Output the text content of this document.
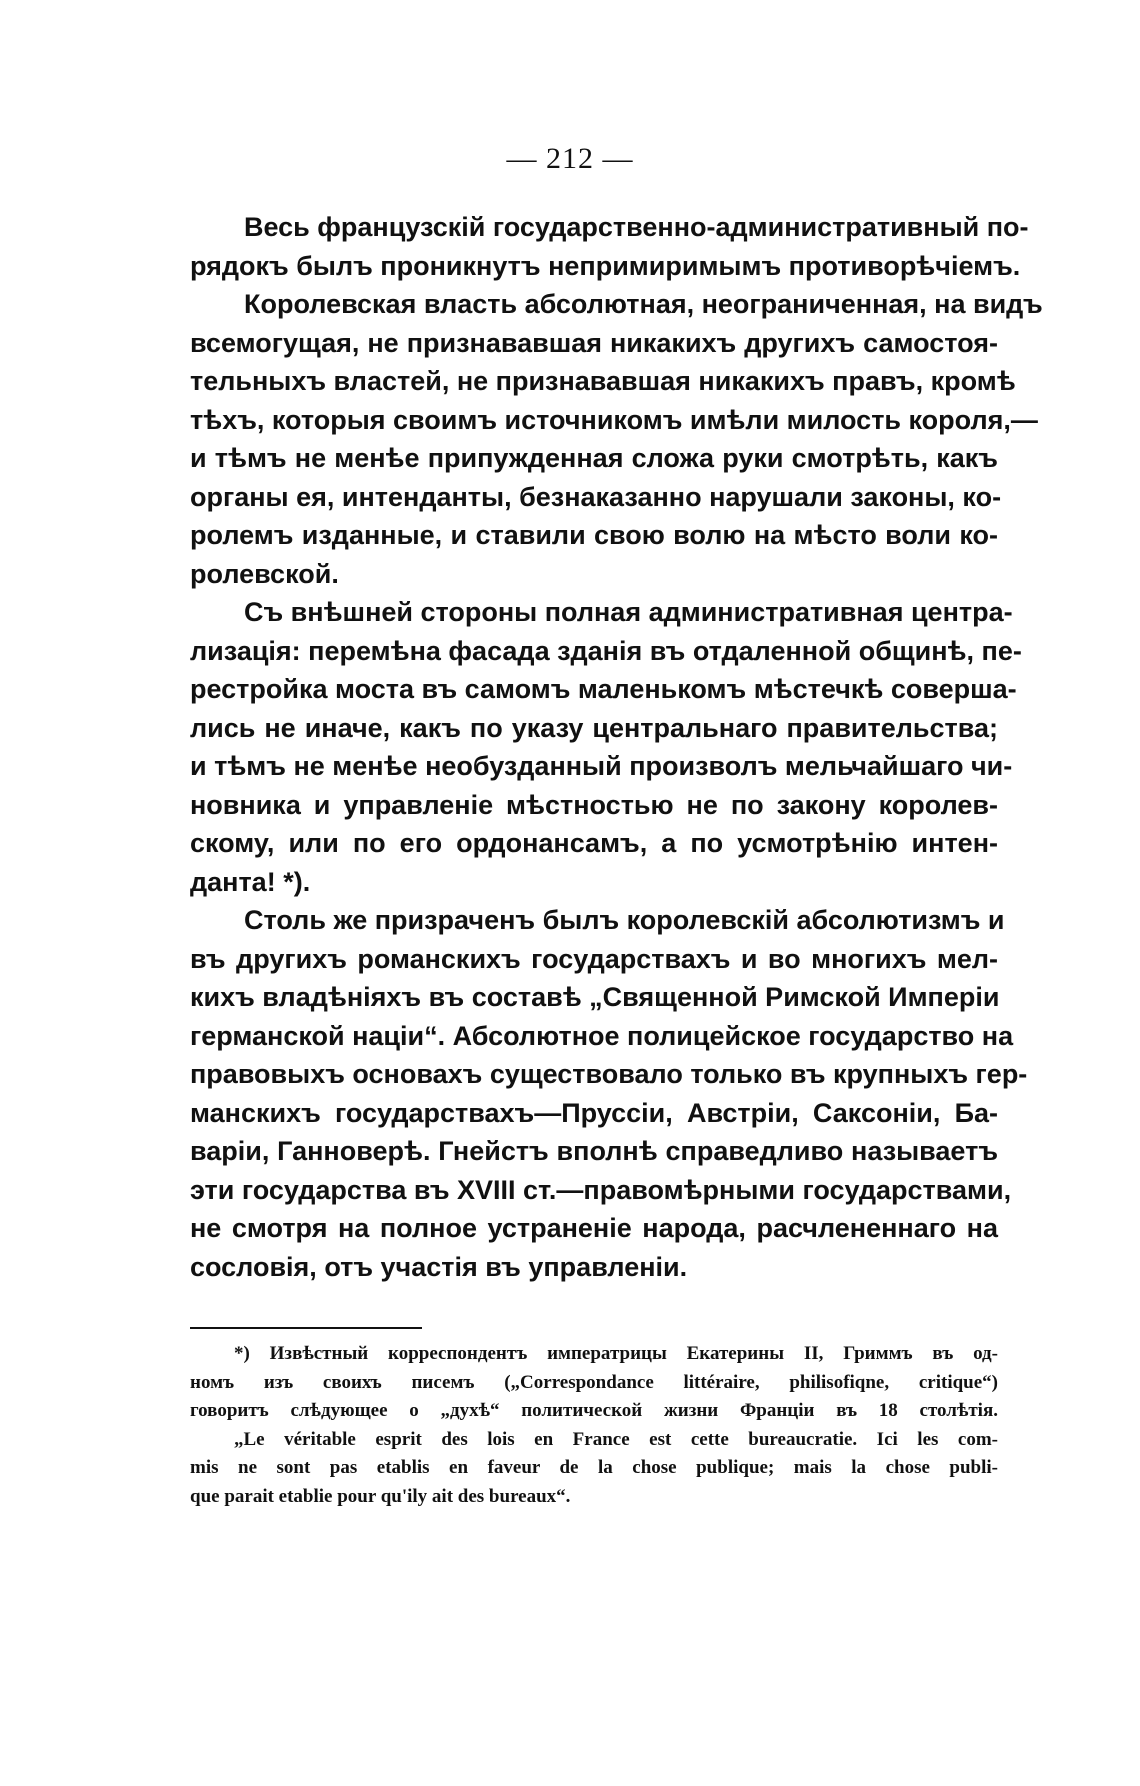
— 212 —
Весь французскій государственно-административный по-
рядокъ былъ проникнутъ непримиримымъ противорѣчіемъ.
Королевская власть абсолютная, неограниченная, на видъ
всемогущая, не признававшая никакихъ другихъ самостоя-
тельныхъ властей, не признававшая никакихъ правъ, кромѣ
тѣхъ, которыя своимъ источникомъ имѣли милость короля,—
и тѣмъ не менѣе припужденная сложа руки смотрѣть, какъ
органы ея, интенданты, безнаказанно нарушали законы, ко-
ролемъ изданные, и ставили свою волю на мѣсто воли ко-
ролевской.
Съ внѣшней стороны полная административная центра-
лизація: перемѣна фасада зданія въ отдаленной общинѣ, пе-
рестройка моста въ самомъ маленькомъ мѣстечкѣ соверша-
лись не иначе, какъ по указу центральнаго правительства;
и тѣмъ не менѣе необузданный произволъ мельчайшаго чи-
новника и управленіе мѣстностью не по закону королев-
скому, или по его ордонансамъ, а по усмотрѣнію интен-
данта! *).
Столь же призраченъ былъ королевскій абсолютизмъ и
въ другихъ романскихъ государствахъ и во многихъ мел-
кихъ владѣніяхъ въ составѣ „Священной Римской Имперіи
германской націи“. Абсолютное полицейское государство на
правовыхъ основахъ существовало только въ крупныхъ гер-
манскихъ государствахъ—Пруссіи, Австріи, Саксоніи, Ба-
варіи, Ганноверѣ. Гнейстъ вполнѣ справедливо называетъ
эти государства въ XVIII ст.—правомѣрными государствами,
не смотря на полное устраненіе народа, расчлененнаго на
сословія, отъ участія въ управленіи.
*) Извѣстный корреспондентъ императрицы Екатерины II, Гриммъ въ од-
номъ изъ своихъ писемъ („Correspondance littéraire, philisofiqne, critique“)
говоритъ слѣдующее о „духѣ“ политической жизни Франціи въ 18 столѣтія.
„Le véritable esprit des lois en France est cette bureaucratie. Ici les com-
mis ne sont pas etablis en faveur de la chose publique; mais la chose publi-
que parait etablie pour qu'ily ait des bureaux“.
